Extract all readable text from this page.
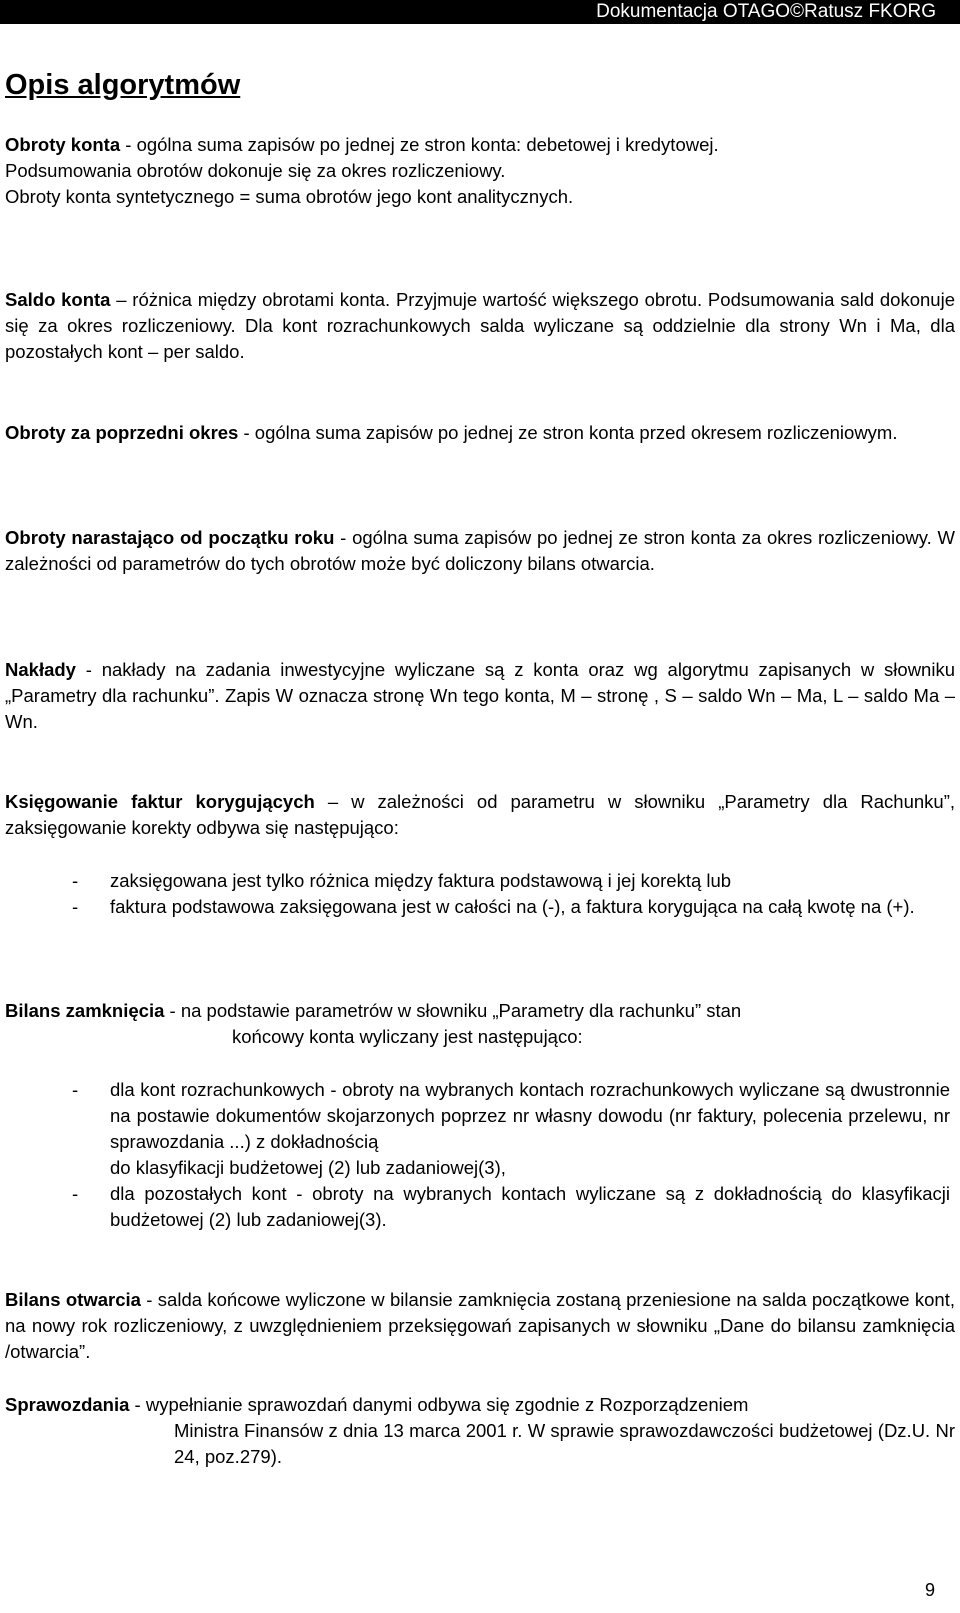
Dokumentacja OTAGO©Ratusz FKORG
Opis algorytmów

Obroty konta - ogólna suma zapisów po jednej ze stron konta: debetowej i kredytowej.

Podsumowania obrotów dokonuje się za okres rozliczeniowy.

Obroty konta syntetycznego = suma obrotów jego kont analitycznych.

Saldo konta – różnica między obrotami konta. Przyjmuje wartość większego obrotu. Podsumowania sald dokonuje się za okres rozliczeniowy. Dla kont rozrachunkowych salda wyliczane są oddzielnie dla strony Wn i Ma, dla pozostałych kont – per saldo.

Obroty za poprzedni okres - ogólna suma zapisów po jednej ze stron konta przed okresem rozliczeniowym.

Obroty narastająco od początku roku - ogólna suma zapisów po jednej ze stron konta za okres rozliczeniowy. W zależności od parametrów do tych obrotów może być doliczony bilans otwarcia.

Nakłady - nakłady na zadania inwestycyjne wyliczane są z konta oraz wg algorytmu zapisanych w słowniku „Parametry dla rachunku”. Zapis W oznacza stronę Wn tego konta, M – stronę , S – saldo Wn – Ma, L – saldo Ma – Wn.

Księgowanie faktur korygujących – w zależności od parametru w słowniku „Parametry dla Rachunku”, zaksięgowanie korekty odbywa się następująco:

- zaksięgowana jest tylko różnica między faktura podstawową i jej korektą lub
- faktura podstawowa zaksięgowana jest w całości na (-), a faktura korygująca na całą kwotę na (+).

Bilans zamknięcia - na podstawie parametrów w słowniku „Parametry dla rachunku” stan

końcowy konta wyliczany jest następująco:

- dla kont rozrachunkowych - obroty na wybranych kontach rozrachunkowych wyliczane są dwustronnie na postawie dokumentów skojarzonych poprzez nr własny dowodu (nr faktury, polecenia przelewu, nr sprawozdania ...) z dokładnością
do klasyfikacji budżetowej (2) lub zadaniowej(3),
- dla pozostałych kont - obroty na wybranych kontach wyliczane są z dokładnością do klasyfikacji budżetowej (2) lub zadaniowej(3).

Bilans otwarcia - salda końcowe wyliczone w bilansie zamknięcia zostaną przeniesione na salda początkowe kont, na nowy rok rozliczeniowy, z uwzględnieniem przeksięgowań zapisanych w słowniku „Dane do bilansu zamknięcia /otwarcia”.

Sprawozdania - wypełnianie sprawozdań danymi odbywa się zgodnie z Rozporządzeniem

Ministra Finansów z dnia 13 marca 2001 r. W sprawie sprawozdawczości budżetowej (Dz.U. Nr 24, poz.279).

9
